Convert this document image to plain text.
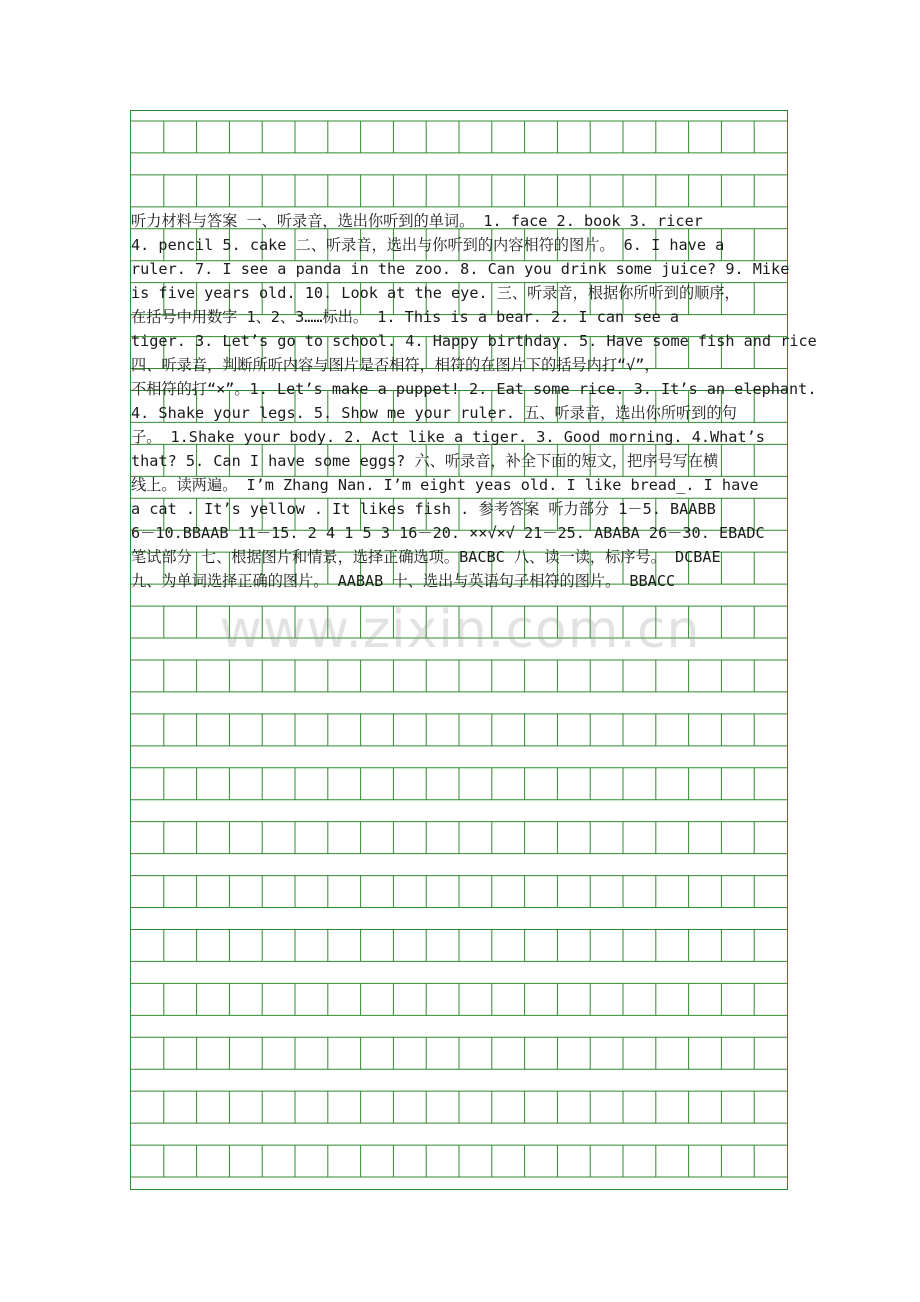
听力材料与答案 一、听录音，选出你听到的单词。 1. face 2. book 3. ricer
4. pencil 5. cake 二、听录音，选出与你听到的内容相符的图片。 6. I have a
ruler. 7. I see a panda in the zoo. 8. Can you drink some juice? 9. Mike
is five years old. 10. Look at the eye. 三、听录音，根据你所听到的顺序，
在括号中用数字 1、2、3……标出。 1. This is a bear. 2. I can see a
tiger. 3. Let’s go to school. 4. Happy birthday. 5. Have some fish and rice
四、听录音，判断所听内容与图片是否相符，相符的在图片下的括号内打“√”，
不相符的打“×”。1. Let’s make a puppet! 2. Eat some rice. 3. It’s an elephant.
4. Shake your legs. 5. Show me your ruler. 五、听录音，选出你所听到的句
子。 1.Shake your body. 2. Act like a tiger. 3. Good morning. 4.What’s
that? 5. Can I have some eggs? 六、听录音，补全下面的短文，把序号写在横
线上。读两遍。 I’m Zhang Nan. I’m eight yeas old. I like bread_. I have
a cat . It’s yellow . It likes fish . 参考答案 听力部分 1－5. BAABB
6－10.BBAAB 11－15. 2 4 1 5 3 16－20. ××√×√ 21－25. ABABA 26－30. EBADC
笔试部分 七、根据图片和情景，选择正确选项。BACBC 八、读一读，标序号。 DCBAE
九、为单词选择正确的图片。 AABAB 十、选出与英语句子相符的图片。 BBACC
www.zixin.com.cn
